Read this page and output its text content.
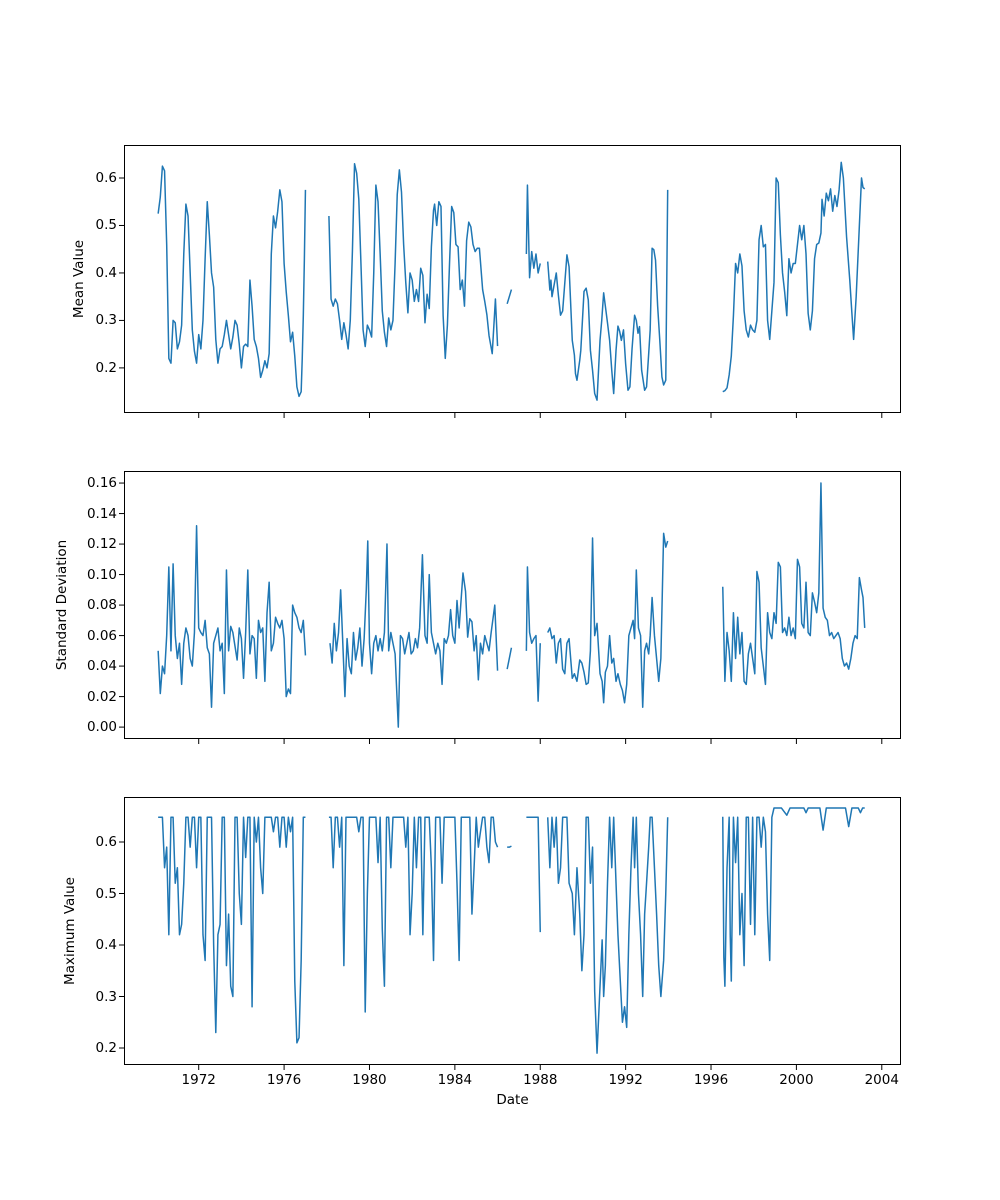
Mean Value
Standard Deviation
Maximum Value
Date
0.2
0.3
0.4
0.5
0.6
0.00
0.02
0.04
0.06
0.08
0.10
0.12
0.14
0.16
1972	1976	1980	1984	1988	1992	1996	2000	2004
0.2
0.3
0.4
0.5
0.6
